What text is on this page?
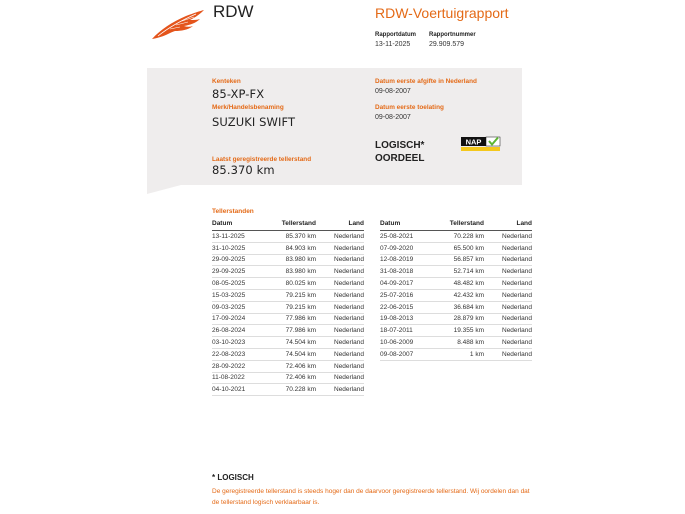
RDW	RDW-Voertuigrapport
Rapportdatum
13-11-2025
Rapportnummer
29.909.579
Kenteken
85-XP-FX
Merk/Handelsbenaming
SUZUKI SWIFT
Laatst geregistreerde tellerstand
85.370 km
Datum eerste afgifte in Nederland
09-08-2007
Datum eerste toelating
09-08-2007
LOGISCH*
OORDEEL
NAP
Tellerstanden
Datum	Tellerstand	Land
13-11-2025	85.370 km	Nederland
31-10-2025	84.903 km	Nederland
29-09-2025	83.980 km	Nederland
29-09-2025	83.980 km	Nederland
08-05-2025	80.025 km	Nederland
15-03-2025	79.215 km	Nederland
09-03-2025	79.215 km	Nederland
17-09-2024	77.986 km	Nederland
26-08-2024	77.986 km	Nederland
03-10-2023	74.504 km	Nederland
22-08-2023	74.504 km	Nederland
28-09-2022	72.406 km	Nederland
11-08-2022	72.406 km	Nederland
04-10-2021	70.228 km	Nederland
Datum	Tellerstand	Land
25-08-2021	70.228 km	Nederland
07-09-2020	65.500 km	Nederland
12-08-2019	56.857 km	Nederland
31-08-2018	52.714 km	Nederland
04-09-2017	48.482 km	Nederland
25-07-2016	42.432 km	Nederland
22-06-2015	36.684 km	Nederland
19-08-2013	28.879 km	Nederland
18-07-2011	19.355 km	Nederland
10-06-2009	8.488 km	Nederland
09-08-2007	1 km	Nederland
* LOGISCH
De geregistreerde tellerstand is steeds hoger dan de daarvoor geregistreerde tellerstand. Wij oordelen dan dat de tellerstand logisch verklaarbaar is.
